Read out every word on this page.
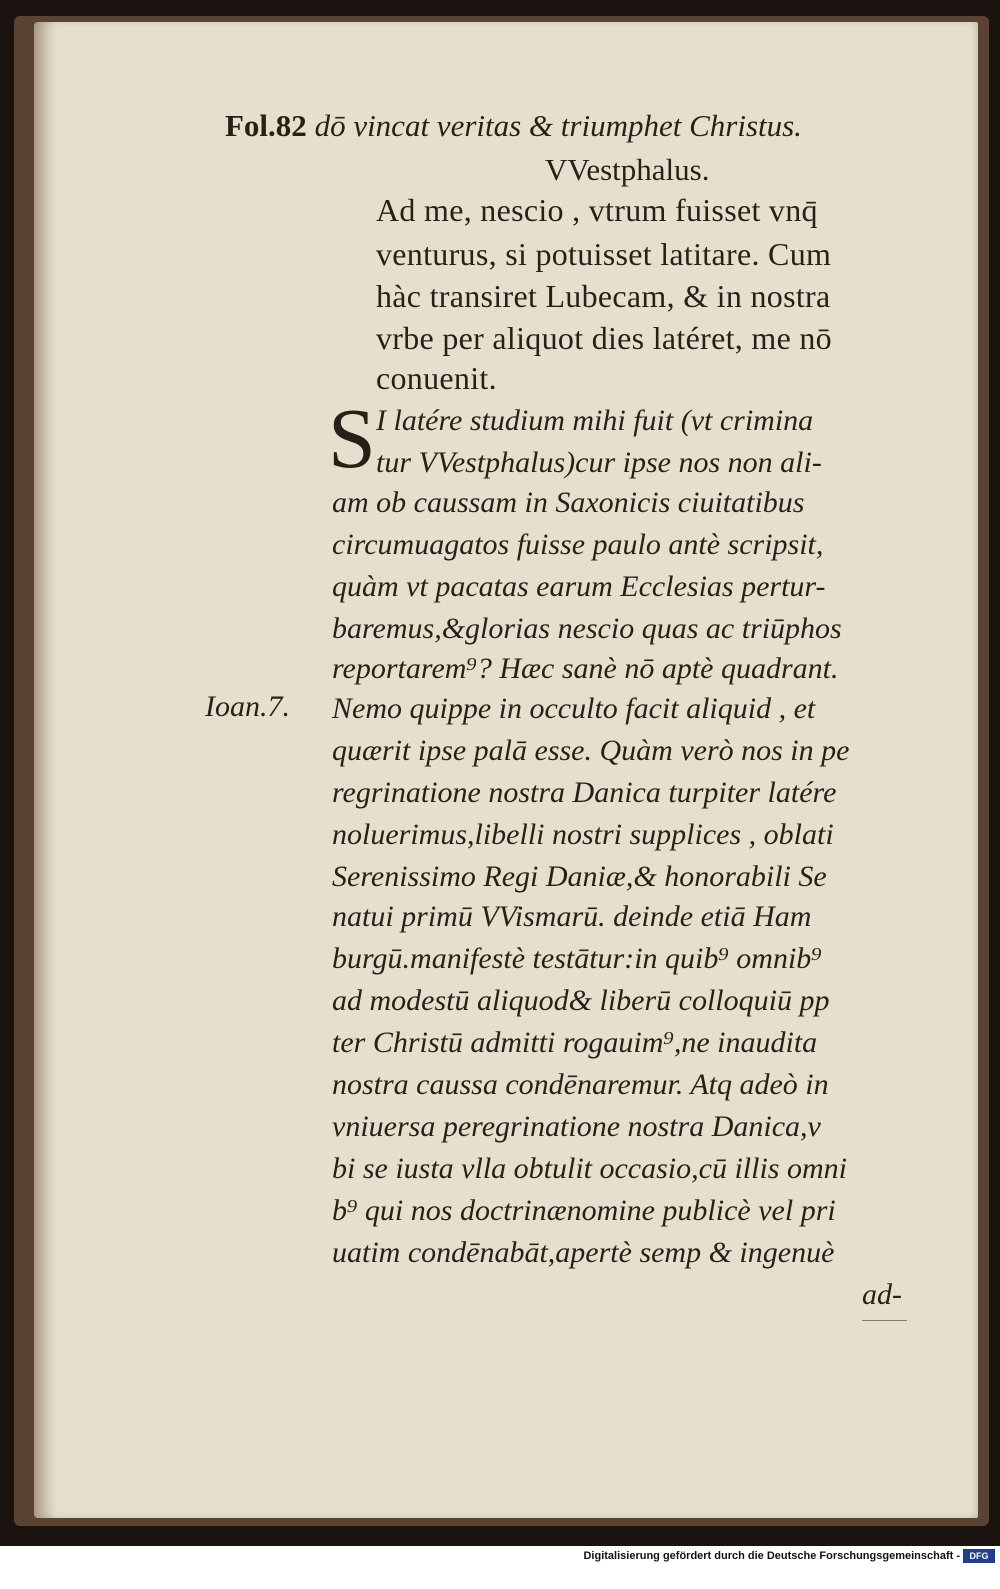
Fol.82 dō vincat veritas & triumphet Christus.
VVestphalus.
Ad me, nescio , vtrum fuisset vnq̄
venturus, si potuisset latitare. Cum
hàc transiret Lubecam, & in nostra
vrbe per aliquot dies latéret, me nō
conuenit.
S I latére studium mihi fuit (vt crimina
tur VVestphalus)cur ipse nos non ali-
am ob caussam in Saxonicis ciuitatibus
circumuagatos fuisse paulo antè scripsit,
quàm vt pacatas earum Ecclesias pertur-
baremus,&glorias nescio quas ac triūphos
reportarem⁹? Hæc sanè nō aptè quadrant.
Ioan.7. Nemo quippe in occulto facit aliquid , et
quærit ipse palā esse. Quàm verò nos in pe
regrinatione nostra Danica turpiter latére
noluerimus,libelli nostri supplices , oblati
Serenissimo Regi Daniæ,& honorabili Se
natui primū VVismarū. deinde etiā Ham
burgū.manifestè testātur:in quib⁹ omnib⁹
ad modestū aliquod& liberū colloquiū pp
ter Christū admitti rogauim⁹,ne inaudita
nostra caussa condēnaremur. Atq adeò in
vniuersa peregrinatione nostra Danica,v
bi se iusta vlla obtulit occasio,cū illis omni
b⁹ qui nos doctrinænomine publicè vel pri
uatim condēnabāt,apertè semp & ingenuè
ad-
Digitalisierung gefördert durch die Deutsche Forschungsgemeinschaft -	DFG
